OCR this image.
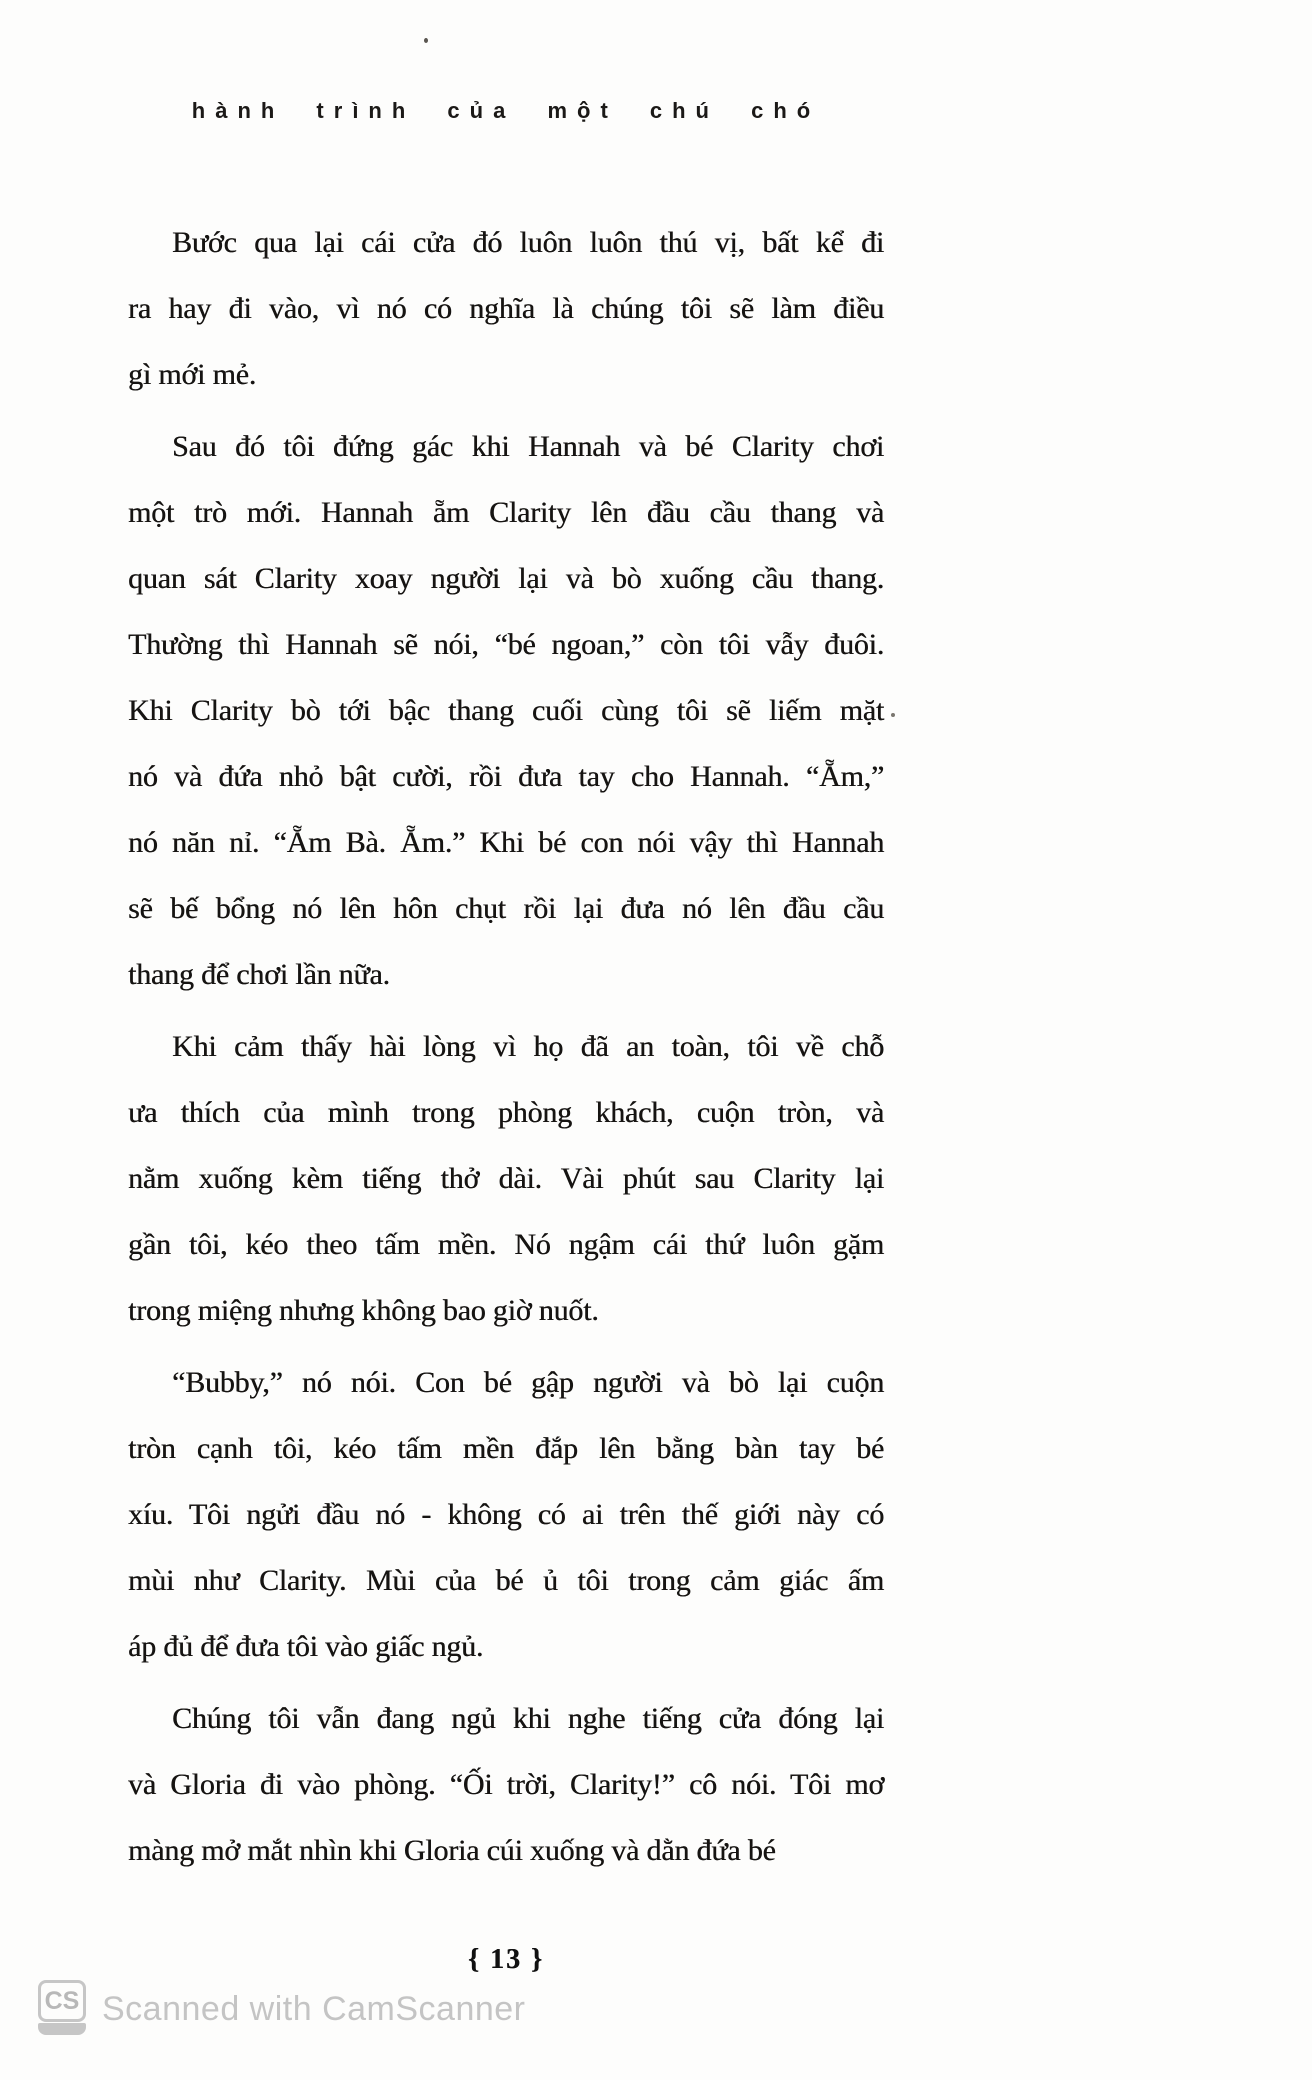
hành trình của một chú chó
Bước qua lại cái cửa đó luôn luôn thú vị, bất kể đi
ra hay đi vào, vì nó có nghĩa là chúng tôi sẽ làm điều
gì mới mẻ.
Sau đó tôi đứng gác khi Hannah và bé Clarity chơi
một trò mới. Hannah ẵm Clarity lên đầu cầu thang và
quan sát Clarity xoay người lại và bò xuống cầu thang.
Thường thì Hannah sẽ nói, “bé ngoan,” còn tôi vẫy đuôi.
Khi Clarity bò tới bậc thang cuối cùng tôi sẽ liếm mặt
nó và đứa nhỏ bật cười, rồi đưa tay cho Hannah. “Ẵm,”
nó năn nỉ. “Ẵm Bà. Ẵm.” Khi bé con nói vậy thì Hannah
sẽ bế bổng nó lên hôn chụt rồi lại đưa nó lên đầu cầu
thang để chơi lần nữa.
Khi cảm thấy hài lòng vì họ đã an toàn, tôi về chỗ
ưa thích của mình trong phòng khách, cuộn tròn, và
nằm xuống kèm tiếng thở dài. Vài phút sau Clarity lại
gần tôi, kéo theo tấm mền. Nó ngậm cái thứ luôn gặm
trong miệng nhưng không bao giờ nuốt.
“Bubby,” nó nói. Con bé gập người và bò lại cuộn
tròn cạnh tôi, kéo tấm mền đắp lên bằng bàn tay bé
xíu. Tôi ngửi đầu nó - không có ai trên thế giới này có
mùi như Clarity. Mùi của bé ủ tôi trong cảm giác ấm
áp đủ để đưa tôi vào giấc ngủ.
Chúng tôi vẫn đang ngủ khi nghe tiếng cửa đóng lại
và Gloria đi vào phòng. “Ối trời, Clarity!” cô nói. Tôi mơ
màng mở mắt nhìn khi Gloria cúi xuống và dằn đứa bé
{ 13 }
CS Scanned with CamScanner
